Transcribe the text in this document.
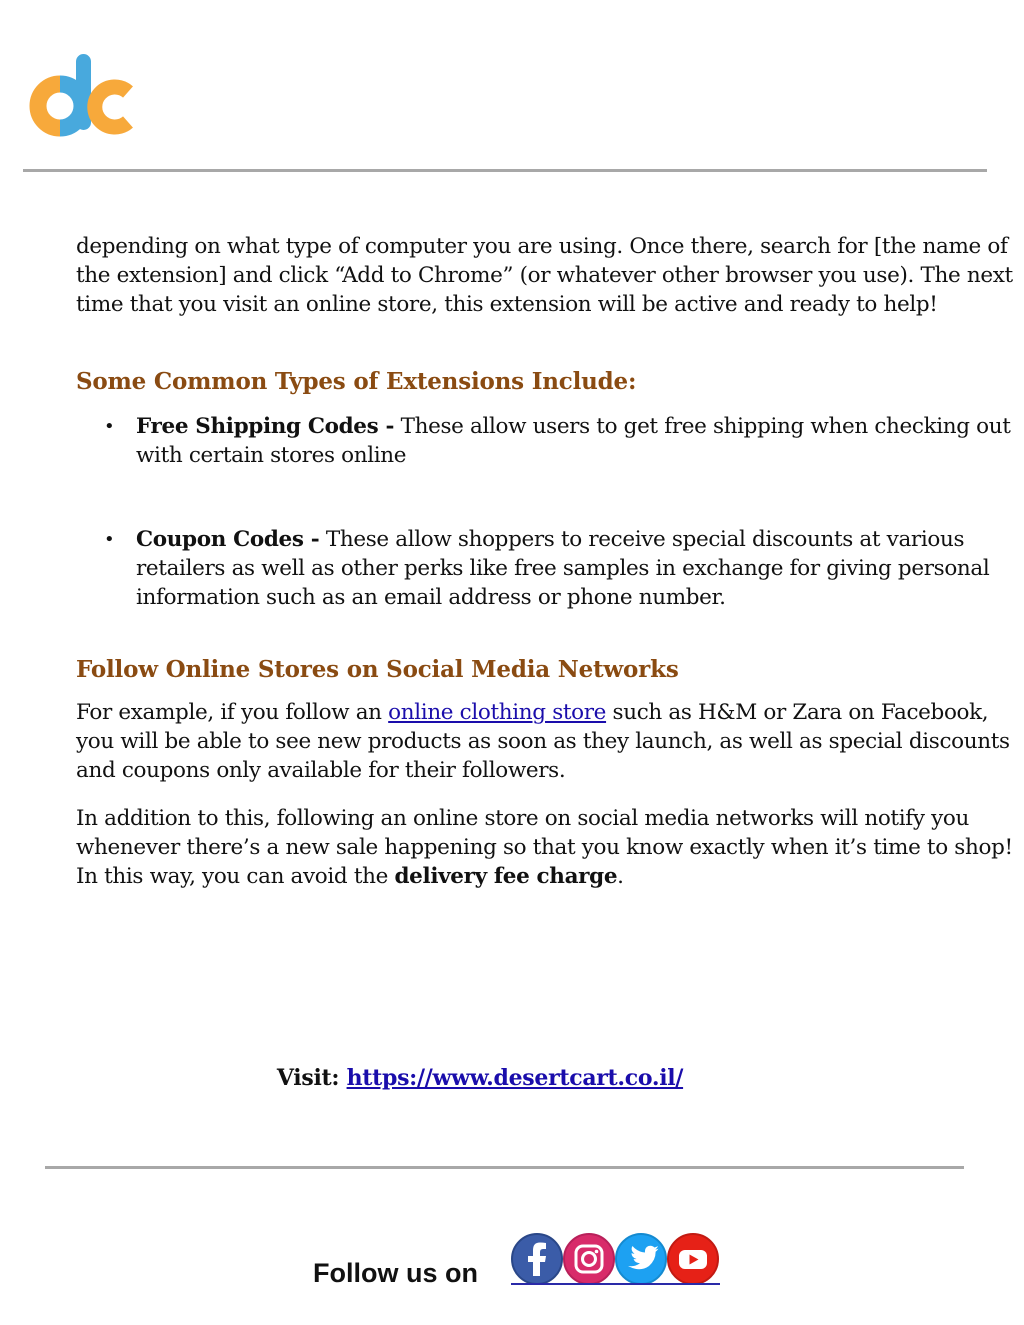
depending on what type of computer you are using. Once there, search for [the name of the extension] and click “Add to Chrome” (or whatever other browser you use). The next time that you visit an online store, this extension will be active and ready to help!

Some Common Types of Extensions Include:
• Free Shipping Codes - These allow users to get free shipping when checking out with certain stores online
• Coupon Codes - These allow shoppers to receive special discounts at various retailers as well as other perks like free samples in exchange for giving personal information such as an email address or phone number.
Follow Online Stores on Social Media Networks

For example, if you follow an online clothing store such as H&M or Zara on Facebook, you will be able to see new products as soon as they launch, as well as special discounts and coupons only available for their followers.

In addition to this, following an online store on social media networks will notify you whenever there’s a new sale happening so that you know exactly when it’s time to shop! In this way, you can avoid the delivery fee charge.

Visit: https://www.desertcart.co.il/
Follow us on
